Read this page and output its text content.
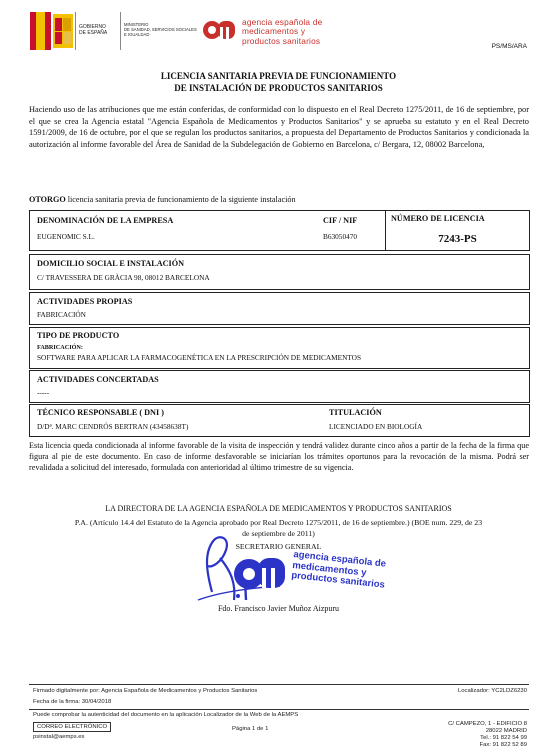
GOBIERNO
DE ESPAÑA
MINISTERIO
DE SANIDAD, SERVICIOS SOCIALES
E IGUALDAD
agencia española de
medicamentos y
productos sanitarios
PS/MS/ARA
LICENCIA SANITARIA PREVIA DE FUNCIONAMIENTO
DE INSTALACIÓN DE PRODUCTOS SANITARIOS
Haciendo uso de las atribuciones que me están conferidas, de conformidad con lo dispuesto en el Real Decreto 1275/2011, de 16 de septiembre, por el que se crea la Agencia estatal "Agencia Española de Medicamentos y Productos Sanitarios" y se aprueba su estatuto y en el Real Decreto 1591/2009, de 16 de octubre, por el que se regulan los productos sanitarios, a propuesta del Departamento de Productos Sanitarios y condicionada la autorización al informe favorable del Área de Sanidad de la Subdelegación de Gobierno en Barcelona, c/ Bergara, 12, 08002 Barcelona,
OTORGO licencia sanitaria previa de funcionamiento de la siguiente instalación
DENOMINACIÓN DE LA EMPRESA
EUGENOMIC S.L.
CIF / NIF
B63050470
NÚMERO DE LICENCIA
7243-PS
DOMICILIO SOCIAL E INSTALACIÓN
C/ TRAVESSERA DE GRÀCIA 98, 08012 BARCELONA
ACTIVIDADES PROPIAS
FABRICACIÓN
TIPO DE PRODUCTO
FABRICACIÓN:
SOFTWARE PARA APLICAR LA FARMACOGENÉTICA EN LA PRESCRIPCIÓN DE MEDICAMENTOS
ACTIVIDADES CONCERTADAS
-----
TÉCNICO RESPONSABLE ( DNI )
D/Dª. MARC CENDRÓS BERTRAN (43458638T)
TITULACIÓN
LICENCIADO EN BIOLOGÍA
Esta licencia queda condicionada al informe favorable de la visita de inspección y tendrá validez durante cinco años a partir de la fecha de la firma que figura al pie de este documento. En caso de informe desfavorable se iniciarían los trámites oportunos para la revocación de la misma. Podrá ser revalidada a solicitud del interesado, formulada con anterioridad al último trimestre de su vigencia.
LA DIRECTORA DE LA AGENCIA ESPAÑOLA DE MEDICAMENTOS Y PRODUCTOS SANITARIOS
P.A. (Artículo 14.4 del Estatuto de la Agencia aprobado por Real Decreto 1275/2011, de 16 de septiembre.) (BOE num. 229, de 23
de septiembre de 2011)
SECRETARIO GENERAL
agencia española de
medicamentos y
productos sanitarios
Fdo. Francisco Javier Muñoz Aizpuru
Firmado digitalmente por: Agencia Española de Medicamentos y Productos Sanitarios	Localizador: YC2LDZ6230
Fecha de la firma: 30/04/2018
Puede comprobar la autenticidad del documento en la aplicación Localizador de la Web de la AEMPS
CORREO ELECTRÓNICO
psinstal@aemps.es
Página 1 de 1
C/ CAMPEZO, 1 - EDIFICIO 8
28022 MADRID
Tel.: 91 822 54 99
Fax: 91 822 52 89
